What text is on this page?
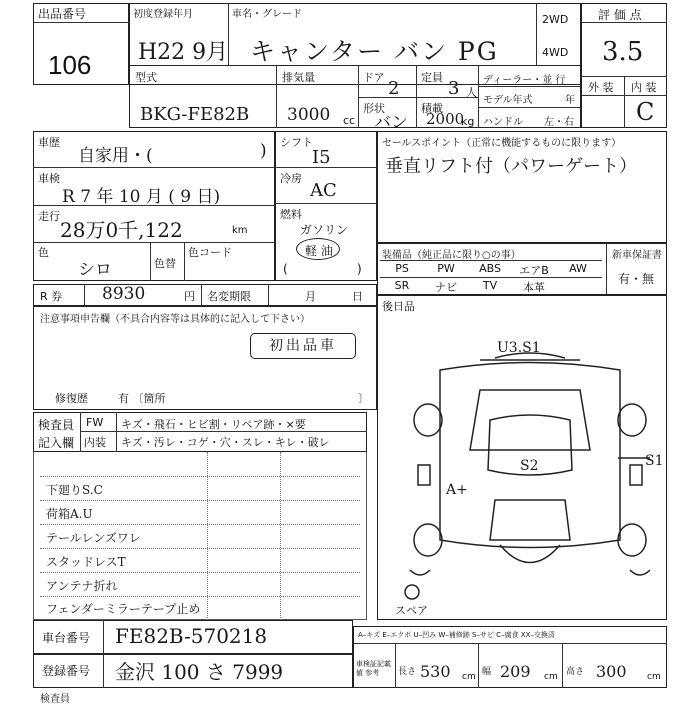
出品番号
106
初度登録年月	車名・グレード
H22 9月 キャンター バン PG
2WD
4WD
評 価 点
3.5
外 装 内 装
C
型式
BKG-FE82B
排気量
3000 cc
ドア
2
定員
3 人
形状
バン
積載
2000
kg
ディーラー・並 行
モデル年式	年
ハンドル 左・右
車歴
自家用・(	)
車検
R 7 年 10 月 ( 9 日)
走行
28万0千,122	km
色
シロ	色替
色コード
シフト
I5
冷房
AC
燃料
ガソリン
軽 油
(	)
セールスポイント（正常に機能するものに限ります）
垂直リフト付（パワーゲート）
装備品（純正品に限り○の事）	新車保証書
有・無
PS	PW	ABS	エアB	AW
SR	ナビ	TV	本革
R 券 8930	円 名変期限	月	日
注意事項申告欄（不具合内容等は具体的に記入して下さい）
初出品車
修復歴	有 〔箇所	〕
後日品
U3.S1
S2	S1
A+
スペア
検査員
記入欄
FW
内装
キズ・飛石・ヒビ割・リペア跡・×要
キズ・汚レ・コゲ・穴・スレ・キレ・破レ
下廻りS.C
荷箱A.U
テールレンズワレ
スタッドレスT
アンテナ折れ
フェンダーミラーテープ止め
車台番号 FE82B-570218
登録番号 金沢 100 さ 7999
A–キズ E–エクボ U–凹み W–補修跡 S–サビ C–腐食 XX–交換済
車検証記載値 参考	長さ 530 cm 幅 209 cm 高さ 300 cm
検査員
